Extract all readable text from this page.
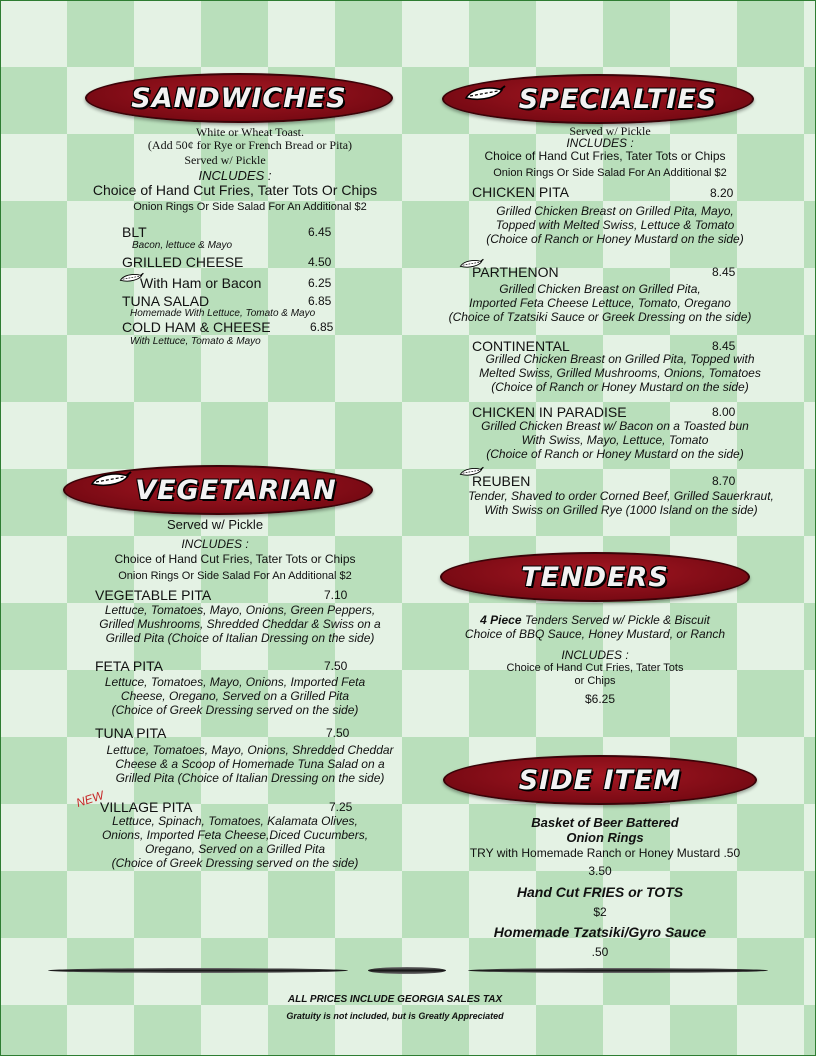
SANDWICHES
White or Wheat Toast.
(Add 50¢ for Rye or French Bread or Pita)
Served w/ Pickle
INCLUDES :
Choice of Hand Cut Fries, Tater Tots Or Chips
Onion Rings Or Side Salad For An Additional $2
BLT	6.45
Bacon, lettuce & Mayo
GRILLED CHEESE	4.50
With Ham or Bacon	6.25
TUNA SALAD	6.85
Homemade With Lettuce, Tomato & Mayo
COLD HAM & CHEESE	6.85
With Lettuce, Tomato & Mayo
VEGETARIAN
Served w/ Pickle
INCLUDES :
Choice of Hand Cut Fries, Tater Tots or Chips
Onion Rings Or Side Salad For An Additional $2
VEGETABLE PITA	7.10
Lettuce, Tomatoes, Mayo, Onions, Green Peppers,
Grilled Mushrooms, Shredded Cheddar & Swiss on a
Grilled Pita (Choice of Italian Dressing on the side)
FETA PITA	7.50
Lettuce, Tomatoes, Mayo, Onions, Imported Feta
Cheese, Oregano, Served on a Grilled Pita
(Choice of Greek Dressing served on the side)
TUNA PITA	7.50
Lettuce, Tomatoes, Mayo, Onions, Shredded Cheddar
Cheese & a Scoop of Homemade Tuna Salad on a
Grilled Pita (Choice of Italian Dressing on the side)
NEW
VILLAGE PITA	7.25
Lettuce, Spinach, Tomatoes, Kalamata Olives,
Onions, Imported Feta Cheese,Diced Cucumbers,
Oregano, Served on a Grilled Pita
(Choice of Greek Dressing served on the side)
SPECIALTIES
Served w/ Pickle
INCLUDES :
Choice of Hand Cut Fries, Tater Tots or Chips
Onion Rings Or Side Salad For An Additional $2
CHICKEN PITA	8.20
Grilled Chicken Breast on Grilled Pita, Mayo,
Topped with Melted Swiss, Lettuce & Tomato
(Choice of Ranch or Honey Mustard on the side)
PARTHENON	8.45
Grilled Chicken Breast on Grilled Pita,
Imported Feta Cheese Lettuce, Tomato, Oregano
(Choice of Tzatsiki Sauce or Greek Dressing on the side)
CONTINENTAL	8.45
Grilled Chicken Breast on Grilled Pita, Topped with
Melted Swiss, Grilled Mushrooms, Onions, Tomatoes
(Choice of Ranch or Honey Mustard on the side)
CHICKEN IN PARADISE	8.00
Grilled Chicken Breast w/ Bacon on a Toasted bun
With Swiss, Mayo, Lettuce, Tomato
(Choice of Ranch or Honey Mustard on the side)
REUBEN	8.70
Tender, Shaved to order Corned Beef, Grilled Sauerkraut,
With Swiss on Grilled Rye (1000 Island on the side)
TENDERS
4 Piece Tenders Served w/ Pickle & Biscuit
Choice of BBQ Sauce, Honey Mustard, or Ranch
INCLUDES :
Choice of Hand Cut Fries, Tater Tots
or Chips
$6.25
SIDE ITEM
Basket of Beer Battered
Onion Rings
TRY with Homemade Ranch or Honey Mustard .50
3.50
Hand Cut FRIES or TOTS
$2
Homemade Tzatsiki/Gyro Sauce
.50
ALL PRICES INCLUDE GEORGIA SALES TAX
Gratuity is not included, but is Greatly Appreciated
